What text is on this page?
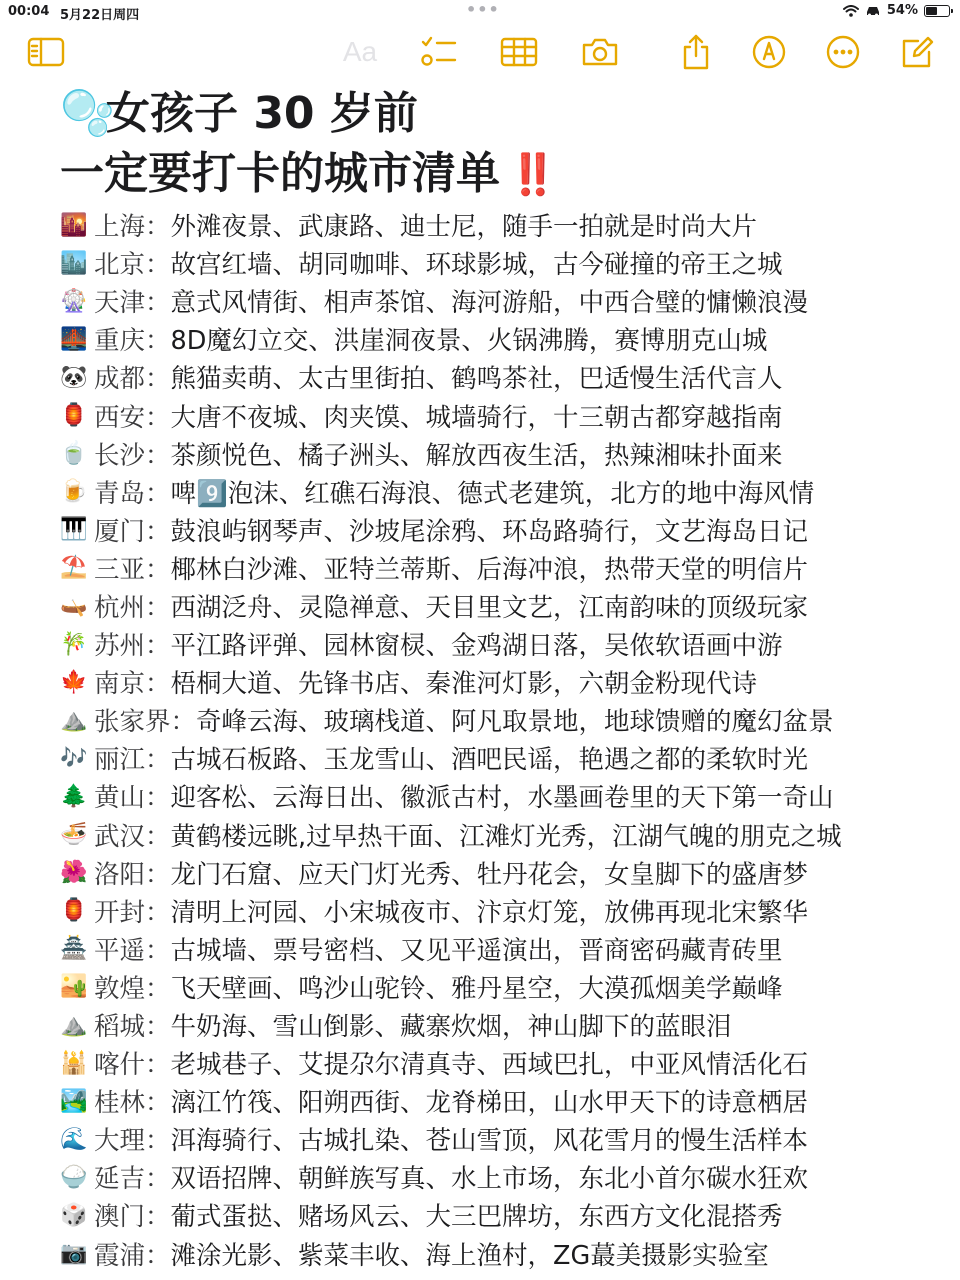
00:04 5月22日周四	•••	54%
Aa
🫧女孩子 30 岁前
一定要打卡的城市清单 ‼️
🌇 上海： 外滩夜景、武康路、迪士尼，随手一拍就是时尚大片
🏙️ 北京： 故宫红墙、胡同咖啡、环球影城，古今碰撞的帝王之城
🎡 天津： 意式风情街、相声茶馆、海河游船，中西合璧的慵懒浪漫
🌉 重庆： 8D魔幻立交、洪崖洞夜景、火锅沸腾，赛博朋克山城
🐼 成都： 熊猫卖萌、太古里街拍、鹤鸣茶社，巴适慢生活代言人
🏮 西安： 大唐不夜城、肉夹馍、城墙骑行，十三朝古都穿越指南
🍵 长沙： 茶颜悦色、橘子洲头、解放西夜生活，热辣湘味扑面来
🍺 青岛： 啤9️⃣泡沫、红礁石海浪、德式老建筑，北方的地中海风情
🎹 厦门： 鼓浪屿钢琴声、沙坡尾涂鸦、环岛路骑行，文艺海岛日记
⛱️ 三亚： 椰林白沙滩、亚特兰蒂斯、后海冲浪，热带天堂的明信片
🛶 杭州： 西湖泛舟、灵隐禅意、天目里文艺，江南韵味的顶级玩家
🎋 苏州： 平江路评弹、园林窗棂、金鸡湖日落，吴侬软语画中游
🍁 南京： 梧桐大道、先锋书店、秦淮河灯影，六朝金粉现代诗
⛰️ 张家界： 奇峰云海、玻璃栈道、阿凡取景地，地球馈赠的魔幻盆景
🎶 丽江： 古城石板路、玉龙雪山、酒吧民谣，艳遇之都的柔软时光
🌲 黄山： 迎客松、云海日出、徽派古村，水墨画卷里的天下第一奇山
🍜 武汉： 黄鹤楼远眺,过早热干面、江滩灯光秀，江湖气魄的朋克之城
🌺 洛阳： 龙门石窟、应天门灯光秀、牡丹花会，女皇脚下的盛唐梦
🏮 开封： 清明上河园、小宋城夜市、汴京灯笼，放佛再现北宋繁华
🏯 平遥： 古城墙、票号密档、又见平遥演出，晋商密码藏青砖里
🏜️ 敦煌： 飞天壁画、鸣沙山驼铃、雅丹星空，大漠孤烟美学巅峰
⛰️ 稻城： 牛奶海、雪山倒影、藏寨炊烟，神山脚下的蓝眼泪
🕌 喀什： 老城巷子、艾提尕尔清真寺、西域巴扎，中亚风情活化石
🏞️ 桂林： 漓江竹筏、阳朔西街、龙脊梯田，山水甲天下的诗意栖居
🌊 大理： 洱海骑行、古城扎染、苍山雪顶，风花雪月的慢生活样本
🍚 延吉： 双语招牌、朝鲜族写真、水上市场，东北小首尔碳水狂欢
🎲 澳门： 葡式蛋挞、赌场风云、大三巴牌坊，东西方文化混搭秀
📷 霞浦： 滩涂光影、紫菜丰收、海上渔村，ZG蕞美摄影实验室
